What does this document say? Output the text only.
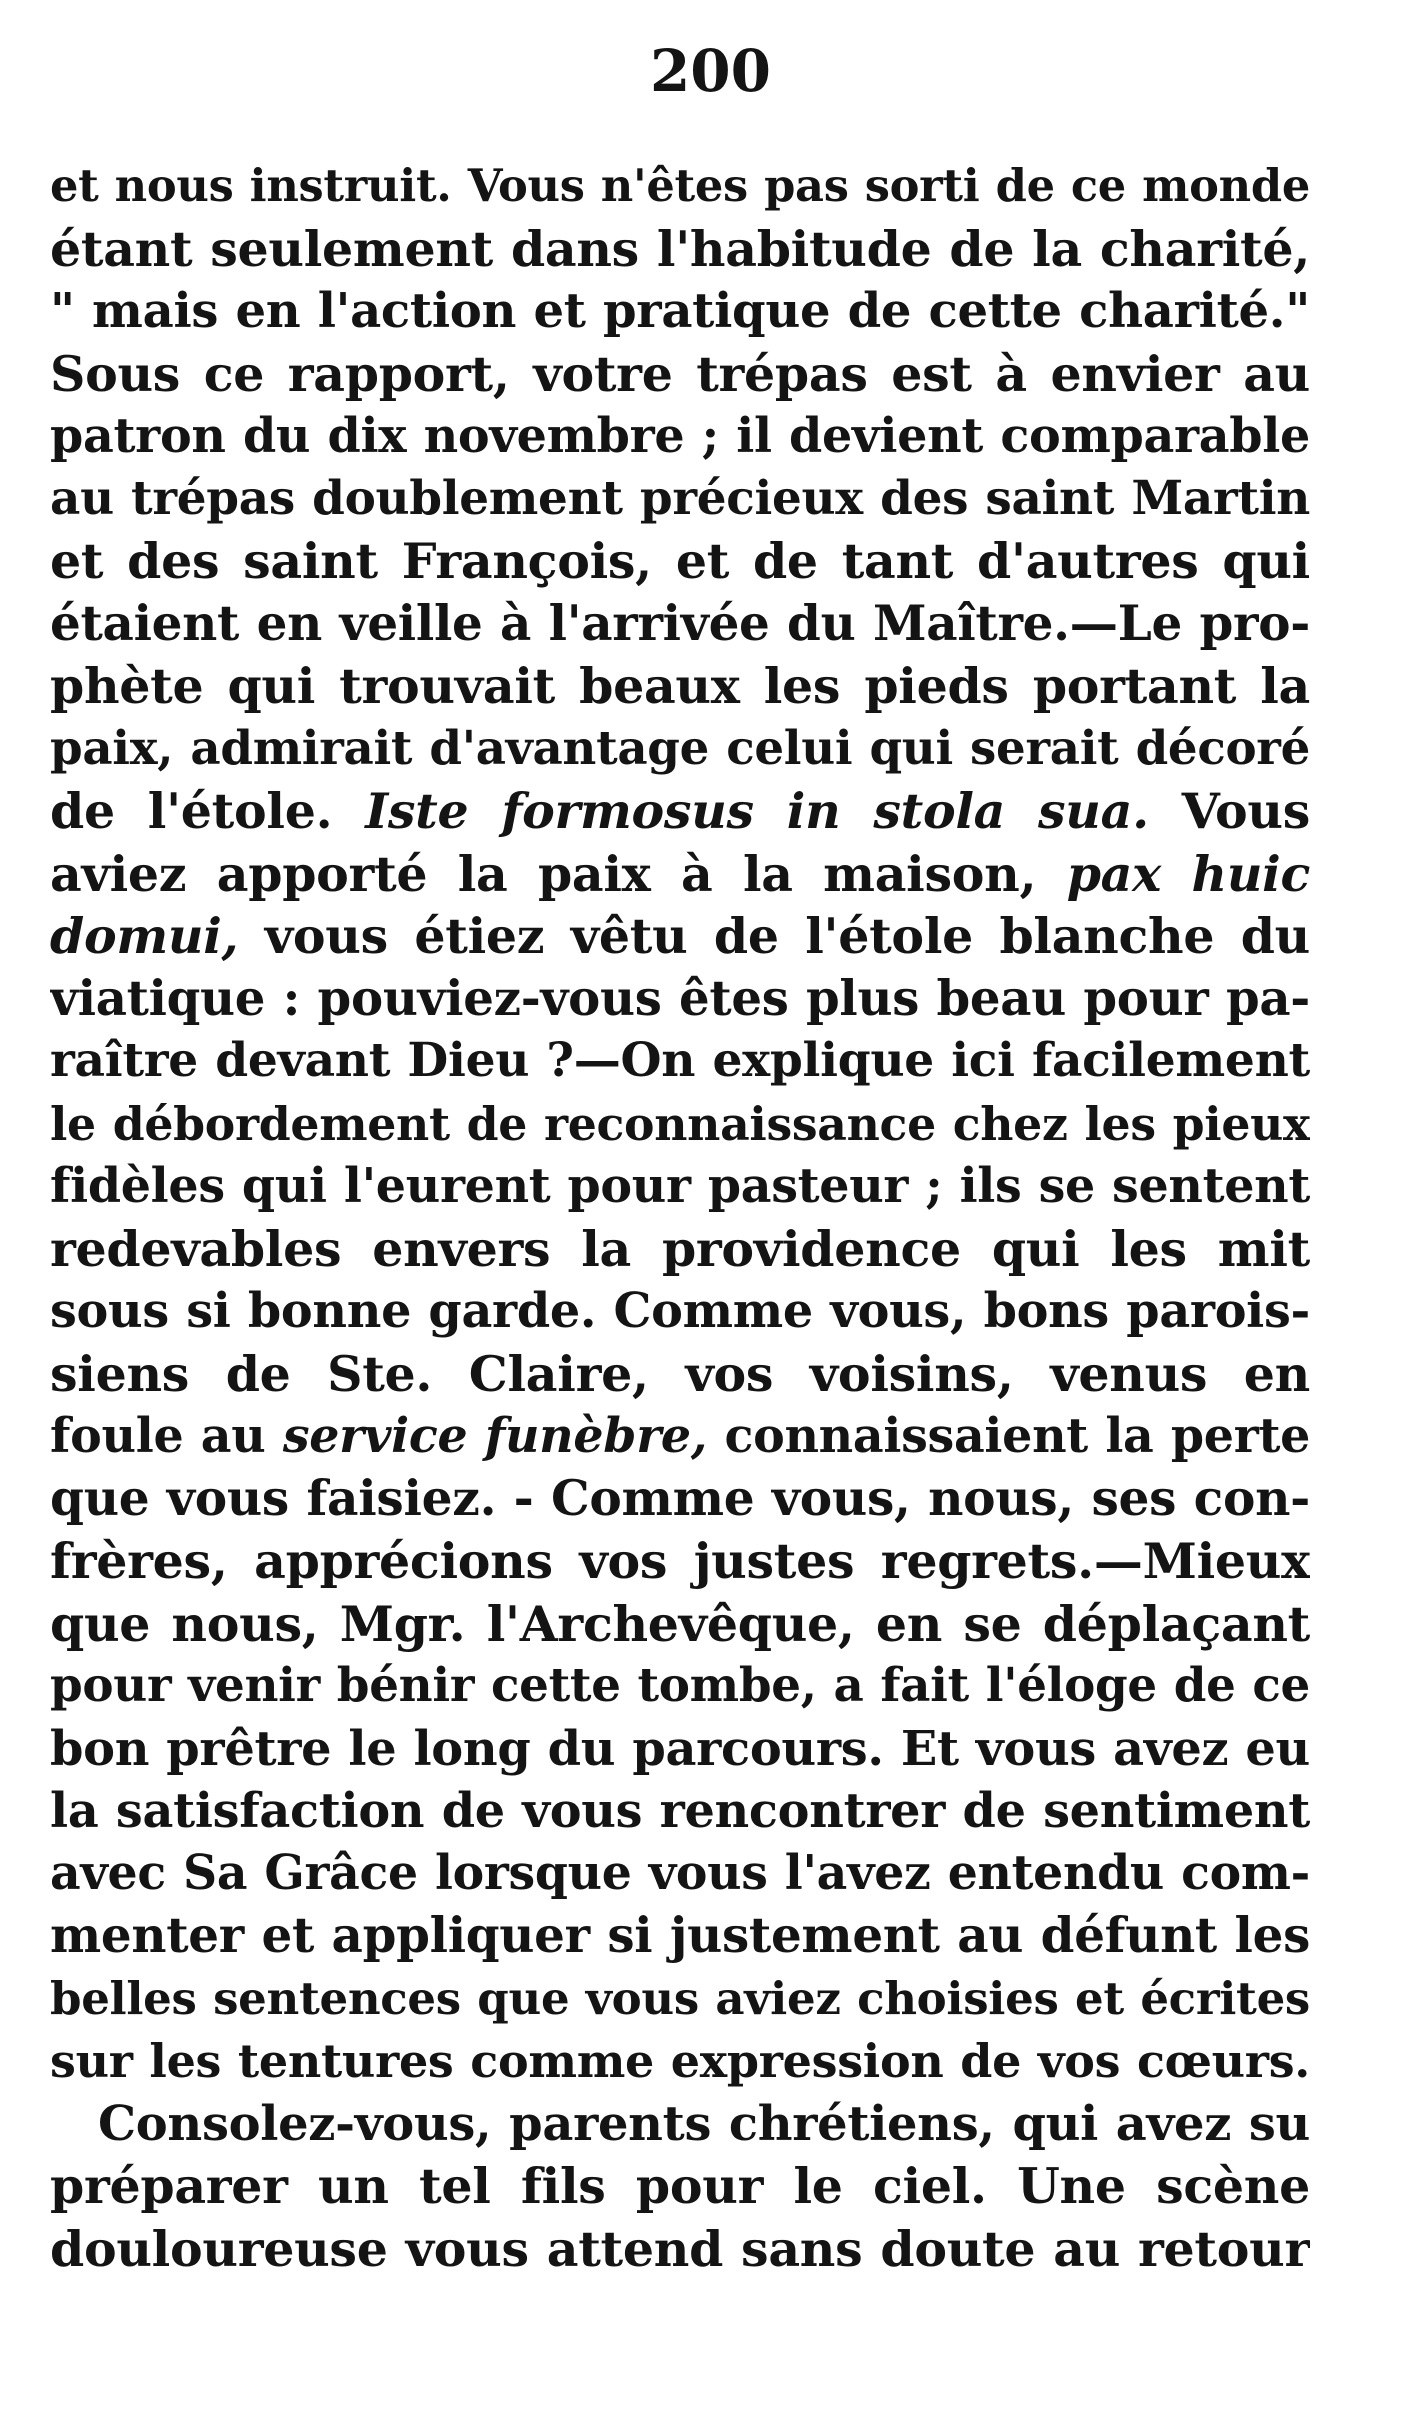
200
et nous instruit. Vous n'êtes pas sorti de ce monde
étant seulement dans l'habitude de la charité,
" mais en l'action et pratique de cette charité."
Sous ce rapport, votre trépas est à envier au
patron du dix novembre ; il devient comparable
au trépas doublement précieux des saint Martin
et des saint François, et de tant d'autres qui
étaient en veille à l'arrivée du Maître.—Le pro-
phète qui trouvait beaux les pieds portant la
paix, admirait d'avantage celui qui serait décoré
de l'étole. Iste formosus in stola sua. Vous
aviez apporté la paix à la maison, pax huic
domui, vous étiez vêtu de l'étole blanche du
viatique : pouviez-vous êtes plus beau pour pa-
raître devant Dieu ?—On explique ici facilement
le débordement de reconnaissance chez les pieux
fidèles qui l'eurent pour pasteur ; ils se sentent
redevables envers la providence qui les mit
sous si bonne garde. Comme vous, bons parois-
siens de Ste. Claire, vos voisins, venus en
foule au service funèbre, connaissaient la perte
que vous faisiez. - Comme vous, nous, ses con-
frères, apprécions vos justes regrets.—Mieux
que nous, Mgr. l'Archevêque, en se déplaçant
pour venir bénir cette tombe, a fait l'éloge de ce
bon prêtre le long du parcours. Et vous avez eu
la satisfaction de vous rencontrer de sentiment
avec Sa Grâce lorsque vous l'avez entendu com-
menter et appliquer si justement au défunt les
belles sentences que vous aviez choisies et écrites
sur les tentures comme expression de vos cœurs.
Consolez-vous, parents chrétiens, qui avez su
préparer un tel fils pour le ciel. Une scène
douloureuse vous attend sans doute au retour
